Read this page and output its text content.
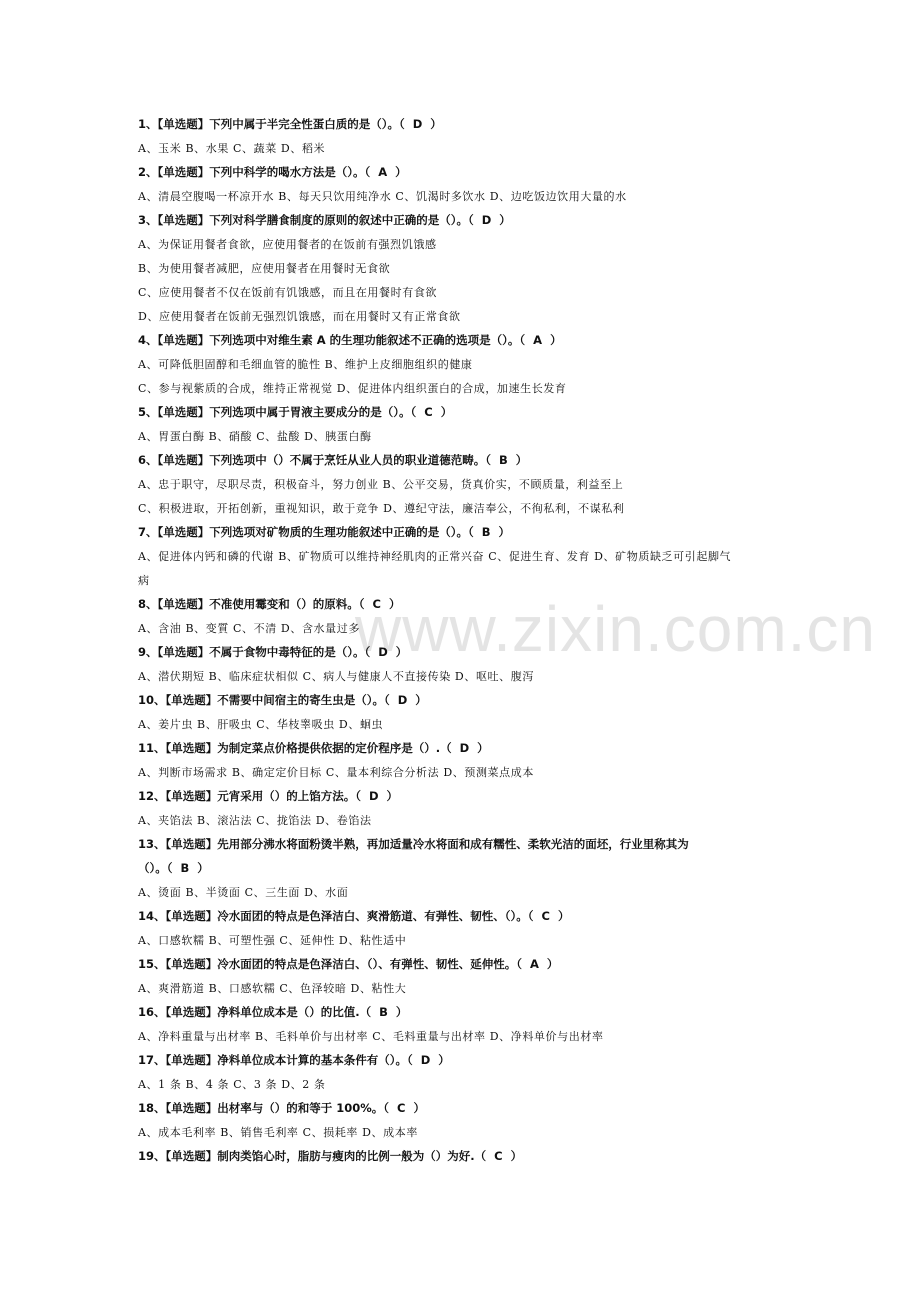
www.zixin.com.cn
1、【单选题】下列中属于半完全性蛋白质的是（）。（  D  ）
A、玉米 B、水果 C、蔬菜 D、稻米
2、【单选题】下列中科学的喝水方法是（）。（  A  ）
A、清晨空腹喝一杯凉开水 B、每天只饮用纯净水 C、饥渴时多饮水 D、边吃饭边饮用大量的水
3、【单选题】下列对科学膳食制度的原则的叙述中正确的是（）。（  D  ）
A、为保证用餐者食欲，应使用餐者的在饭前有强烈饥饿感
B、为使用餐者减肥，应使用餐者在用餐时无食欲
C、应使用餐者不仅在饭前有饥饿感，而且在用餐时有食欲
D、应使用餐者在饭前无强烈饥饿感，而在用餐时又有正常食欲
4、【单选题】下列选项中对维生素 A 的生理功能叙述不正确的选项是（）。（  A  ）
A、可降低胆固醇和毛细血管的脆性 B、维护上皮细胞组织的健康
C、参与视紫质的合成，维持正常视觉 D、促进体内组织蛋白的合成，加速生长发育
5、【单选题】下列选项中属于胃液主要成分的是（）。（  C  ）
A、胃蛋白酶 B、硝酸 C、盐酸 D、胰蛋白酶
6、【单选题】下列选项中（）不属于烹饪从业人员的职业道德范畴。（  B  ）
A、忠于职守，尽职尽责，积极奋斗，努力创业 B、公平交易，货真价实，不顾质量，利益至上
C、积极进取，开拓创新，重视知识，敢于竞争 D、遵纪守法，廉洁奉公，不徇私利，不谋私利
7、【单选题】下列选项对矿物质的生理功能叙述中正确的是（）。（  B  ）
A、促进体内钙和磷的代谢 B、矿物质可以维持神经肌肉的正常兴奋 C、促进生育、发育 D、矿物质缺乏可引起脚气
病
8、【单选题】不准使用霉变和（）的原料。（  C  ）
A、含油 B、变質 C、不清 D、含水量过多
9、【单选题】不属于食物中毒特征的是（）。（  D  ）
A、潜伏期短 B、临床症状相似 C、病人与健康人不直接传染 D、呕吐、腹泻
10、【单选题】不需要中间宿主的寄生虫是（）。（  D  ）
A、姜片虫 B、肝吸虫 C、华枝睾吸虫 D、蛔虫
11、【单选题】为制定菜点价格提供依据的定价程序是（）.（  D  ）
A、判断市场需求 B、确定定价目标 C、量本利综合分析法 D、预测菜点成本
12、【单选题】元宵采用（）的上馅方法。（  D  ）
A、夹馅法 B、滚沾法 C、拢馅法 D、卷馅法
13、【单选题】先用部分沸水将面粉烫半熟，再加适量冷水将面和成有糯性、柔软光洁的面坯，行业里称其为
（）。（  B  ）
A、烫面 B、半烫面 C、三生面 D、水面
14、【单选题】冷水面团的特点是色泽洁白、爽滑筋道、有弹性、韧性、（）。（  C  ）
A、口感软糯 B、可塑性强 C、延伸性 D、粘性适中
15、【单选题】冷水面团的特点是色泽洁白、（）、有弹性、韧性、延伸性。（  A  ）
A、爽滑筋道 B、口感软糯 C、色泽较暗 D、粘性大
16、【单选题】净料单位成本是（）的比值.（  B  ）
A、净料重量与出材率 B、毛料单价与出材率 C、毛料重量与出材率 D、净料单价与出材率
17、【单选题】净料单位成本计算的基本条件有（）。（  D  ）
A、1 条 B、4 条 C、3 条 D、2 条
18、【单选题】出材率与（）的和等于 100%。（  C  ）
A、成本毛利率 B、销售毛利率 C、损耗率 D、成本率
19、【单选题】制肉类馅心时，脂肪与瘦肉的比例一般为（）为好.（  C  ）
